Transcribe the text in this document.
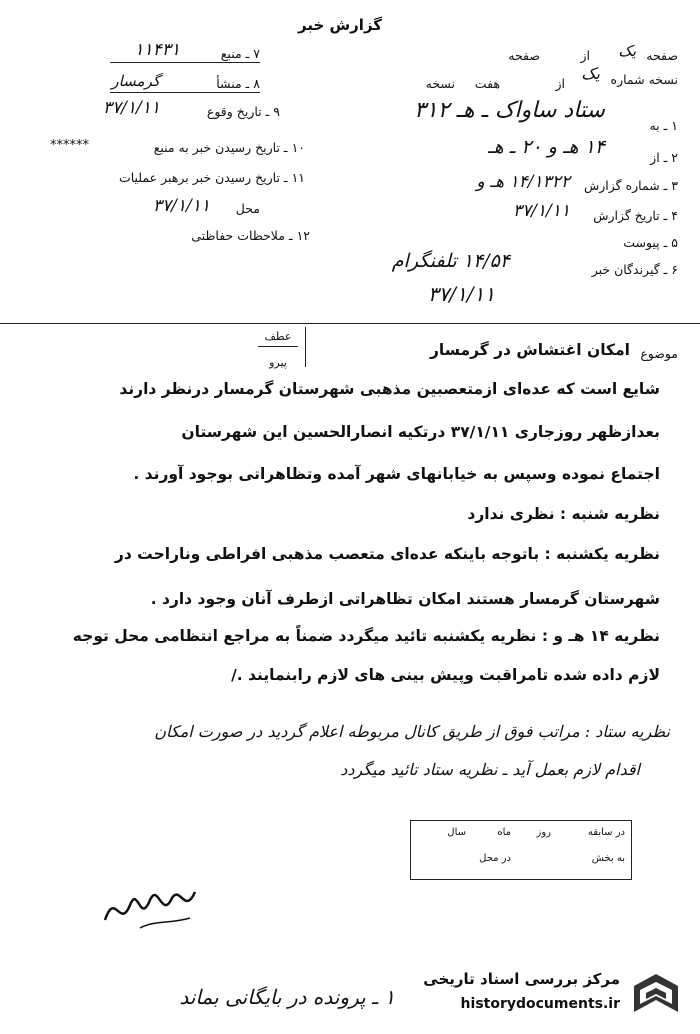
گزارش خبر
۷ ـ منبع
۱۱۴۳۱
۸ ـ منشأ
گرمسار
۹ ـ تاریخ وقوع
۳۷/۱/۱۱
۱۰ ـ تاریخ رسیدن خبر به منبع
******
۱۱ ـ تاریخ رسیدن خبر برهبر عملیات
محل
۳۷/۱/۱۱
۱۲ ـ ملاحظات حفاظتی
صفحه
یک
از
صفحه
نسخه شماره
یک
از
هفت
نسخه
۱ ـ به
ستاد ساواک ـ هـ ۳۱۲
۲ ـ از
۱۴ هـ و ۲۰ ـ هـ
۳ ـ شماره گزارش
۱۴/۱۳۲۲ هـ و
۴ ـ تاریخ گزارش
۳۷/۱/۱۱
۵ ـ پیوست
۶ ـ گیرندگان خبر
۱۴/۵۴ تلفنگرام
۳۷/۱/۱۱
موضوع
امکان اغتشاش در گرمسار
عطف
پیرو
شایع است که عده‌ای ازمتعصبین مذهبی شهرستان گرمسار درنظر دارند
بعدازظهر روزجاری ۳۷/۱/۱۱ درتکیه انصارالحسین این شهرستان
اجتماع نموده وسپس به خیابانهای شهر آمده وتظاهراتی بوجود آورند .
نظریه شنبه : نظری ندارد
نظریه یکشنبه : باتوجه باینکه عده‌ای متعصب مذهبی افراطی وناراحت در
شهرستان گرمسار هستند امکان تظاهراتی ازطرف آنان وجود دارد .
نظریه ۱۴ هـ و : نظریه یکشنبه تائید میگردد ضمناً به مراجع انتظامی محل توجه
لازم داده شده تامراقبت وپیش بینی های لازم رابنمایند ./
نظریه ستاد : مراتب فوق از طریق کانال مربوطه اعلام گردید در صورت امکان
اقدام لازم بعمل آید ـ نظریه ستاد تائید میگردد
در سابقه
روز
ماه
سال
به بخش
در محل
۱ ـ پرونده در بایگانی بماند
مرکز بررسی اسناد تاریخی
historydocuments.ir
